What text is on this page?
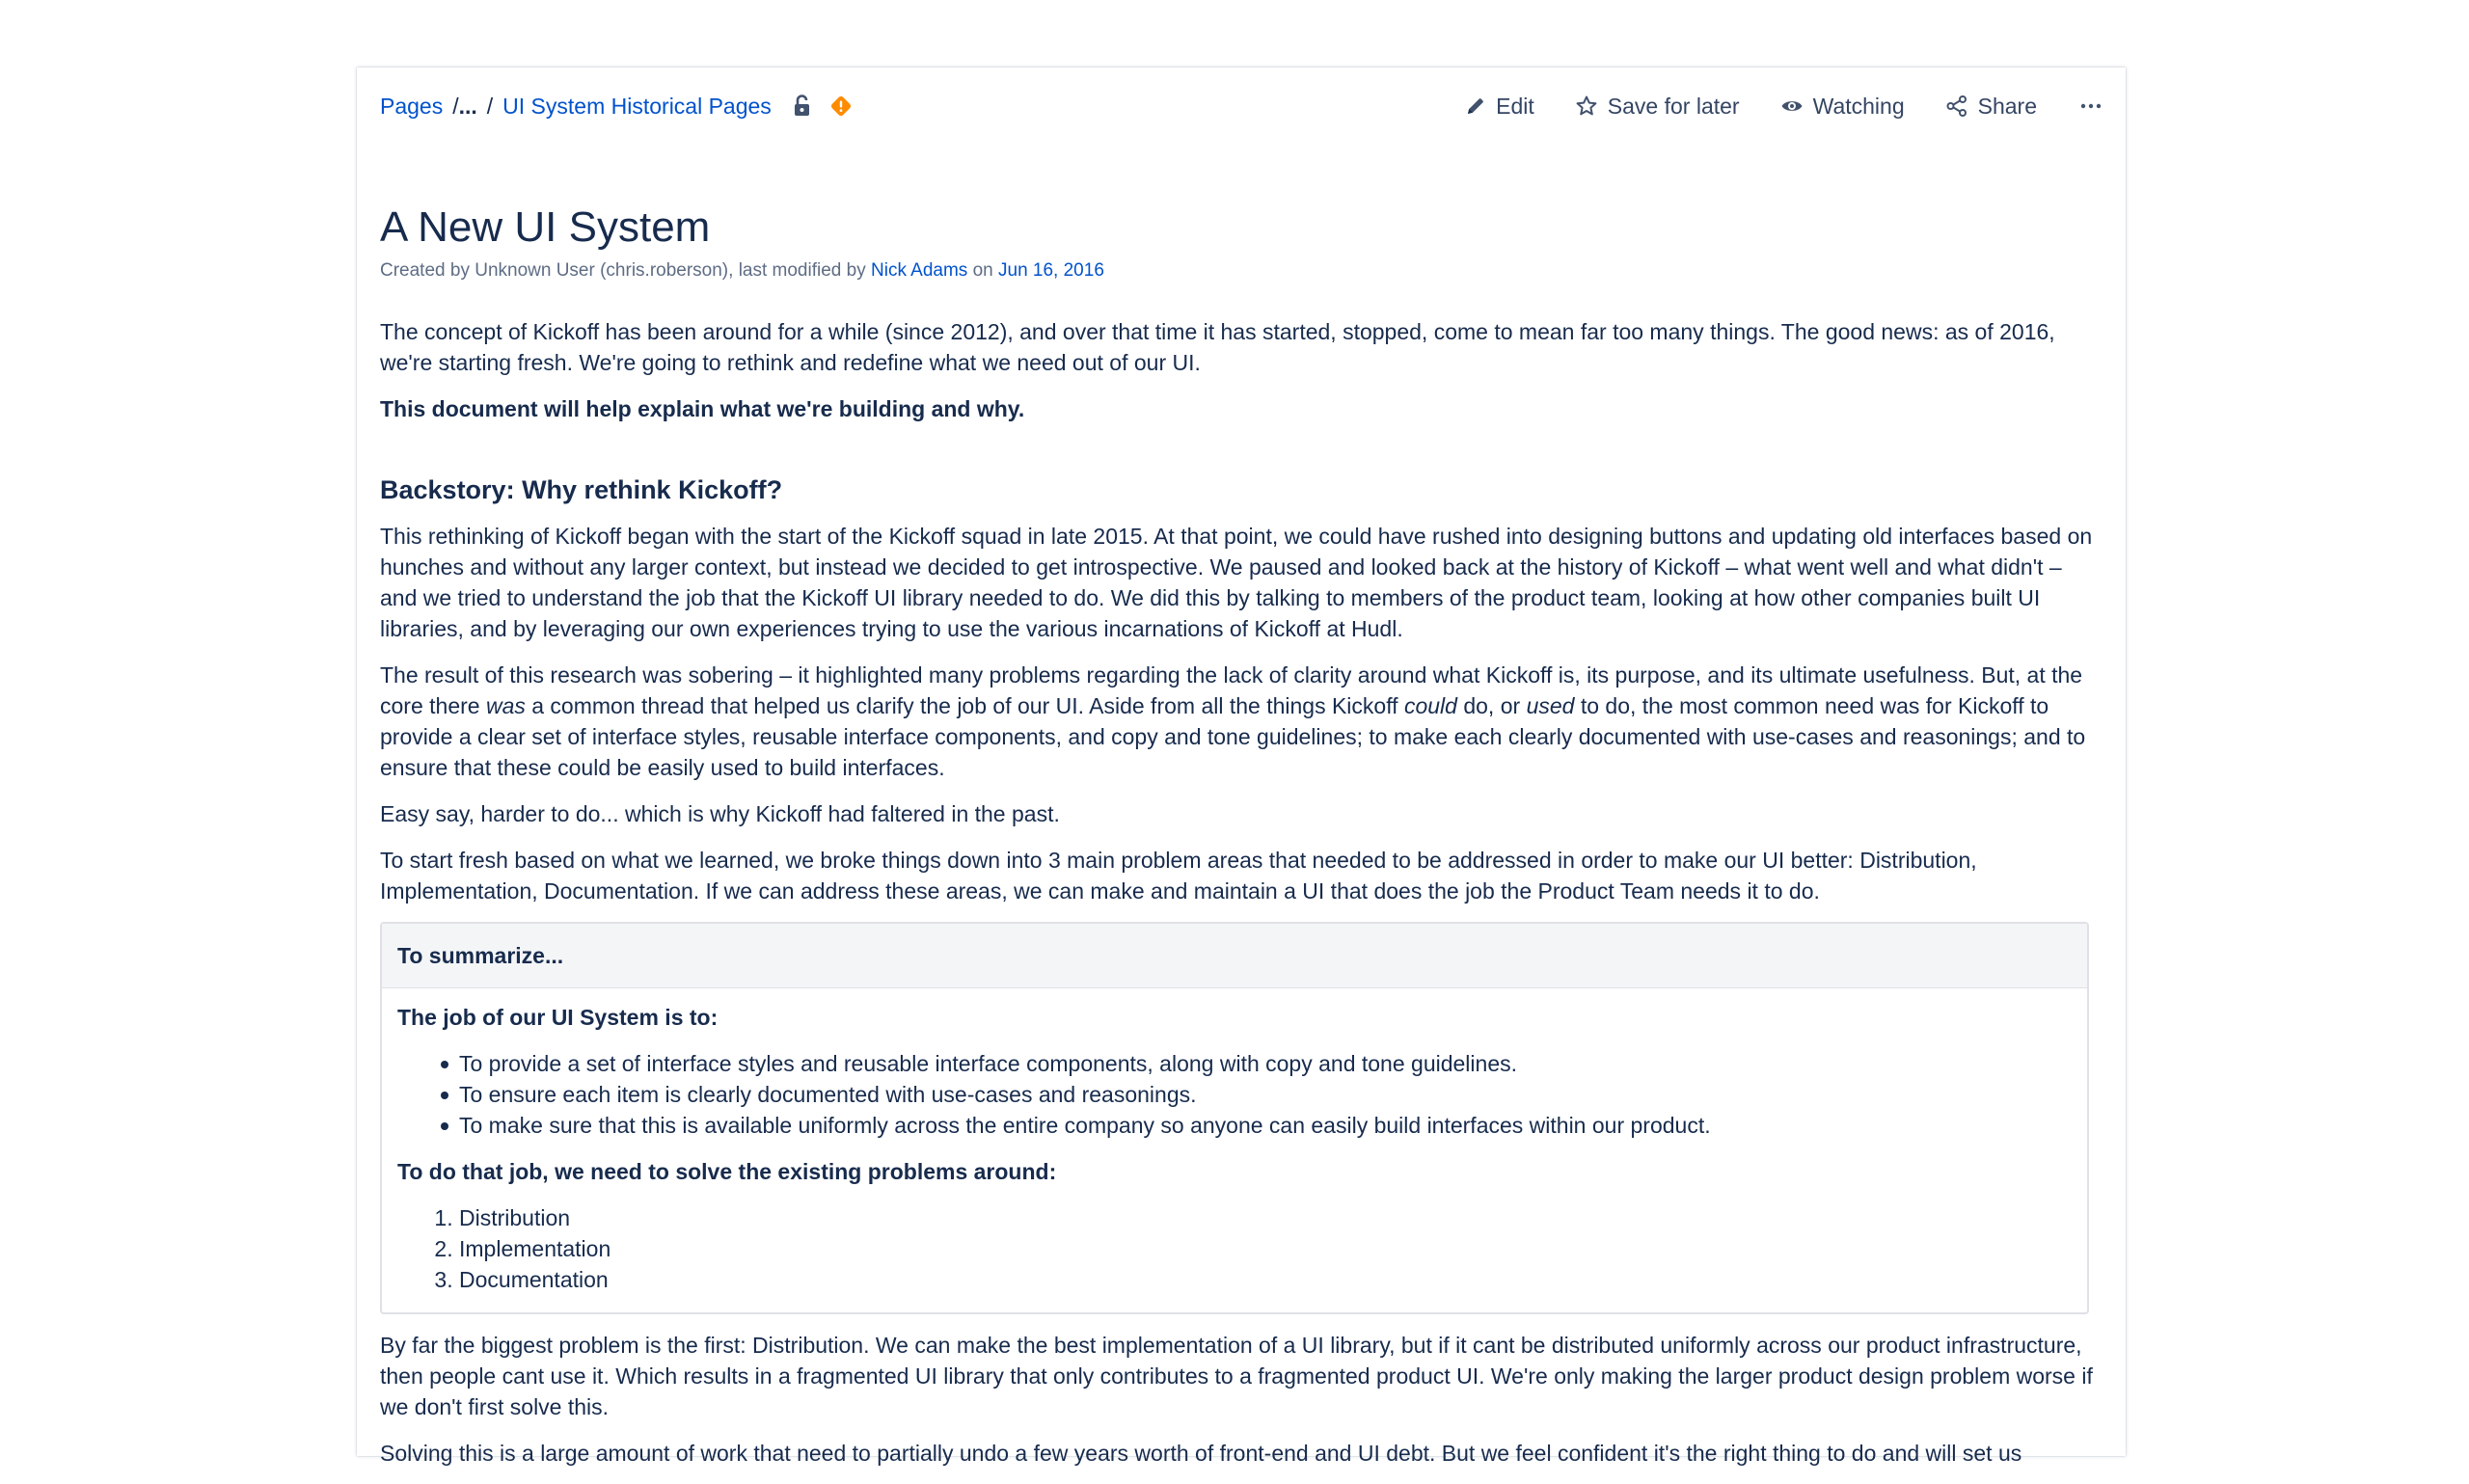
Pages / ... / UI System Historical Pages	Edit	Save for later	Watching	Share
A New UI System
Created by Unknown User (chris.roberson), last modified by Nick Adams on Jun 16, 2016

The concept of Kickoff has been around for a while (since 2012), and over that time it has started, stopped, come to mean far too many things. The good news: as of 2016, we're starting fresh. We're going to rethink and redefine what we need out of our UI.

This document will help explain what we're building and why.

Backstory: Why rethink Kickoff?

This rethinking of Kickoff began with the start of the Kickoff squad in late 2015. At that point, we could have rushed into designing buttons and updating old interfaces based on hunches and without any larger context, but instead we decided to get introspective. We paused and looked back at the history of Kickoff – what went well and what didn't – and we tried to understand the job that the Kickoff UI library needed to do. We did this by talking to members of the product team, looking at how other companies built UI libraries, and by leveraging our own experiences trying to use the various incarnations of Kickoff at Hudl.

The result of this research was sobering – it highlighted many problems regarding the lack of clarity around what Kickoff is, its purpose, and its ultimate usefulness. But, at the core there was a common thread that helped us clarify the job of our UI. Aside from all the things Kickoff could do, or used to do, the most common need was for Kickoff to provide a clear set of interface styles, reusable interface components, and copy and tone guidelines; to make each clearly documented with use-cases and reasonings; and to ensure that these could be easily used to build interfaces.

Easy say, harder to do... which is why Kickoff had faltered in the past.

To start fresh based on what we learned, we broke things down into 3 main problem areas that needed to be addressed in order to make our UI better: Distribution, Implementation, Documentation. If we can address these areas, we can make and maintain a UI that does the job the Product Team needs it to do.

To summarize...

The job of our UI System is to:

To provide a set of interface styles and reusable interface components, along with copy and tone guidelines.
To ensure each item is clearly documented with use-cases and reasonings.
To make sure that this is available uniformly across the entire company so anyone can easily build interfaces within our product.

To do that job, we need to solve the existing problems around:

1. Distribution
2. Implementation
3. Documentation

By far the biggest problem is the first: Distribution. We can make the best implementation of a UI library, but if it cant be distributed uniformly across our product infrastructure, then people cant use it. Which results in a fragmented UI library that only contributes to a fragmented product UI. We're only making the larger product design problem worse if we don't first solve this.

Solving this is a large amount of work that need to partially undo a few years worth of front-end and UI debt. But we feel confident it's the right thing to do and will set us
